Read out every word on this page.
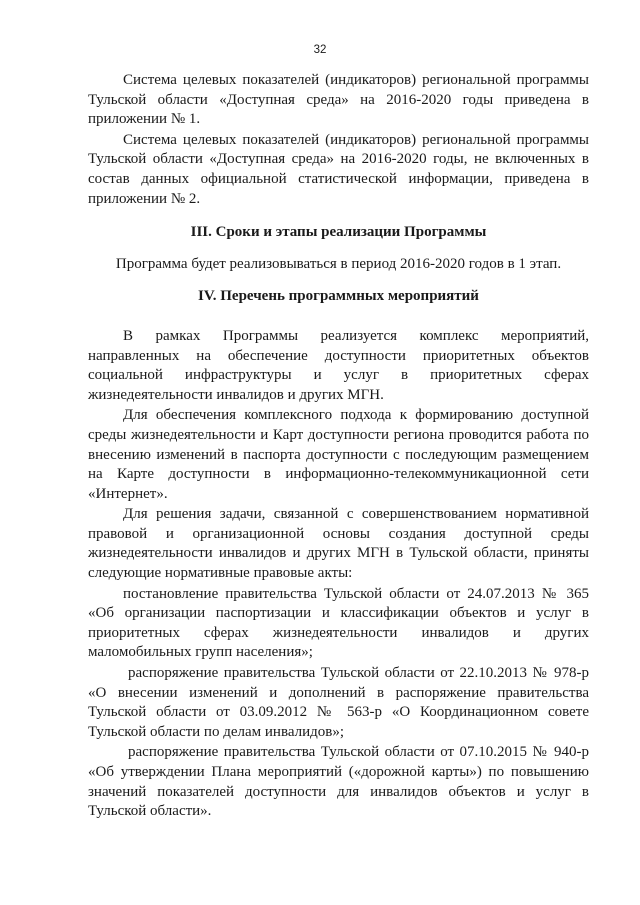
32

Система целевых показателей (индикаторов) региональной программы Тульской области «Доступная среда» на 2016-2020 годы приведена в приложении № 1.

Система целевых показателей (индикаторов) региональной программы Тульской области «Доступная среда» на 2016-2020 годы, не включенных в состав данных официальной статистической информации, приведена в приложении № 2.

III. Сроки и этапы реализации Программы

Программа будет реализовываться в период 2016-2020 годов в 1 этап.

IV. Перечень программных мероприятий

В рамках Программы реализуется комплекс мероприятий, направленных на обеспечение доступности приоритетных объектов социальной инфраструктуры и услуг в приоритетных сферах жизнедеятельности инвалидов и других МГН.

Для обеспечения комплексного подхода к формированию доступной среды жизнедеятельности и Карт доступности региона проводится работа по внесению изменений в паспорта доступности с последующим размещением на Карте доступности в информационно-телекоммуникационной сети «Интернет».

Для решения задачи, связанной с совершенствованием нормативной правовой и организационной основы создания доступной среды жизнедеятельности инвалидов и других МГН в Тульской области, приняты следующие нормативные правовые акты:

постановление правительства Тульской области от 24.07.2013 № 365 «Об организации паспортизации и классификации объектов и услуг в приоритетных сферах жизнедеятельности инвалидов и других маломобильных групп населения»;

распоряжение правительства Тульской области от 22.10.2013 № 978-р «О внесении изменений и дополнений в распоряжение правительства Тульской области от 03.09.2012 № 563-р «О Координационном совете Тульской области по делам инвалидов»;

распоряжение правительства Тульской области от 07.10.2015 № 940-р «Об утверждении Плана мероприятий («дорожной карты») по повышению значений показателей доступности для инвалидов объектов и услуг в Тульской области».
